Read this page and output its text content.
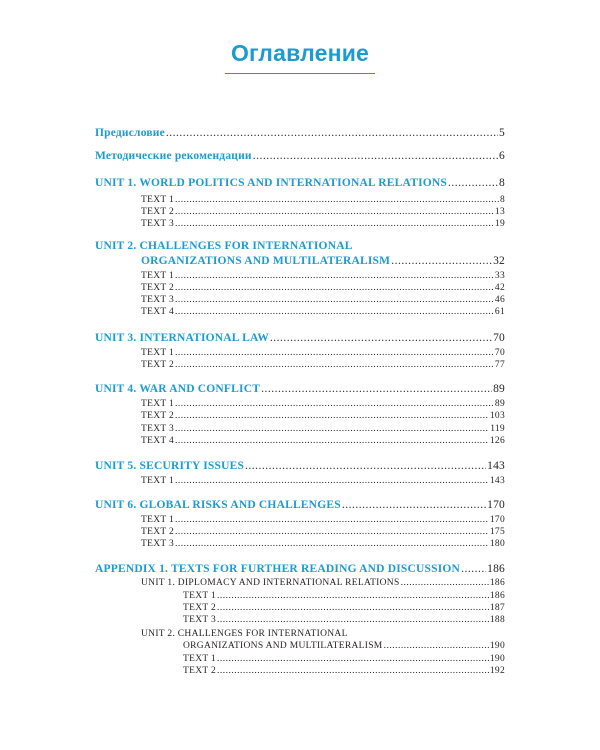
Оглавление
Предисловие .....	5
Методические рекомендации .....	6
UNIT 1. WORLD POLITICS AND INTERNATIONAL RELATIONS .....	8
TEXT 1 .....	8
TEXT 2 .....	13
TEXT 3 .....	19
UNIT 2. CHALLENGES FOR INTERNATIONAL
ORGANIZATIONS AND MULTILATERALISM .....	32
TEXT 1 .....	33
TEXT 2 .....	42
TEXT 3 .....	46
TEXT 4 .....	61
UNIT 3. INTERNATIONAL LAW .....	70
TEXT 1 .....	70
TEXT 2 .....	77
UNIT 4. WAR AND CONFLICT .....	89
TEXT 1 .....	89
TEXT 2 .....	103
TEXT 3 .....	119
TEXT 4 .....	126
UNIT 5. SECURITY ISSUES .....	143
TEXT 1 .....	143
UNIT 6. GLOBAL RISKS AND CHALLENGES .....	170
TEXT 1 .....	170
TEXT 2 .....	175
TEXT 3 .....	180
APPENDIX 1. TEXTS FOR FURTHER READING AND DISCUSSION ..... 186
UNIT 1. DIPLOMACY AND INTERNATIONAL RELATIONS .....	186
TEXT 1 .....	186
TEXT 2 .....	187
TEXT 3 .....	188
UNIT 2. CHALLENGES FOR INTERNATIONAL
ORGANIZATIONS AND MULTILATERALISM .....	190
TEXT 1 .....	190
TEXT 2 .....	192
